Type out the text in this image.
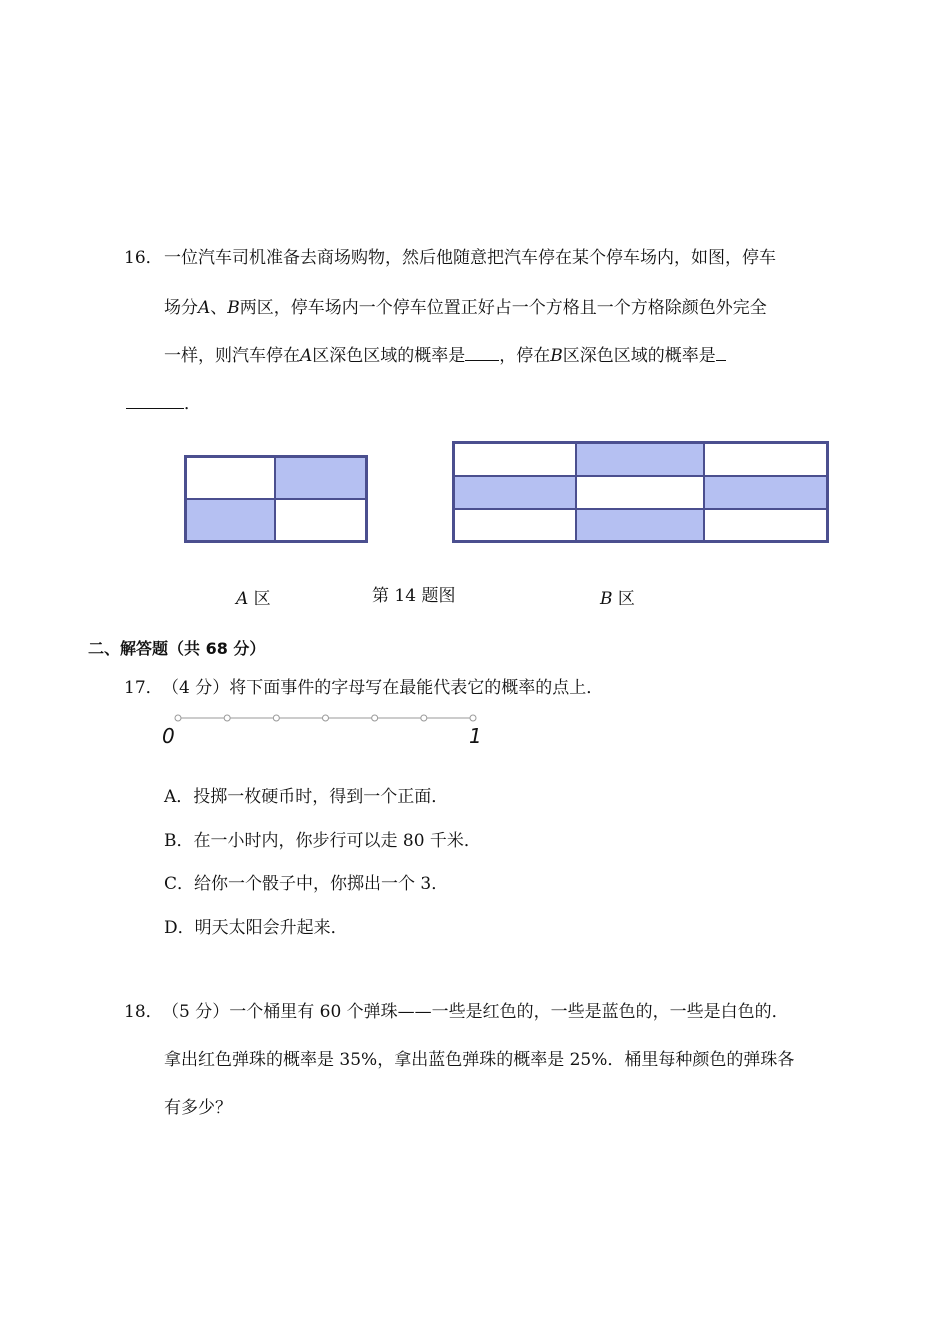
16． 一位汽车司机准备去商场购物，然后他随意把汽车停在某个停车场内，如图，停车
场分A、B两区，停车场内一个停车位置正好占一个方格且一个方格除颜色外完全
一样，则汽车停在A区深色区域的概率是 ，停在B区深色区域的概率是
．
A 区	第 14 题图	B 区
二、解答题（共 68 分）
17． （4 分）将下面事件的字母写在最能代表它的概率的点上．
0	1
A．投掷一枚硬币时，得到一个正面．
B．在一小时内，你步行可以走 80 千米．
C．给你一个骰子中，你掷出一个 3．
D．明天太阳会升起来．
18． （5 分）一个桶里有 60 个弹珠——一些是红色的，一些是蓝色的，一些是白色的．
拿出红色弹珠的概率是 35%，拿出蓝色弹珠的概率是 25%．桶里每种颜色的弹珠各
有多少？
